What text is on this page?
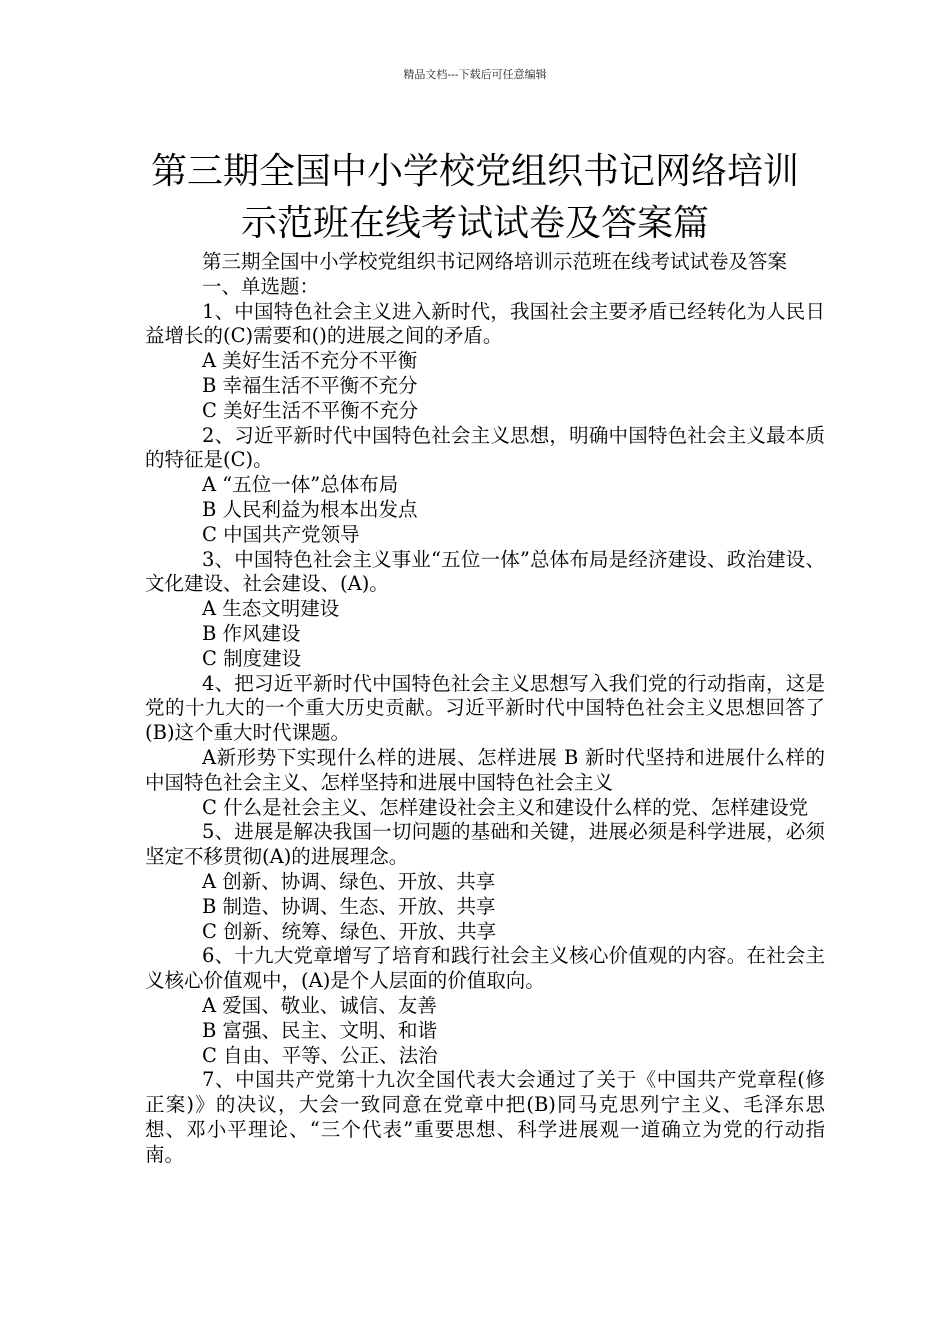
精品文档---下载后可任意编辑
第三期全国中小学校党组织书记网络培训
示范班在线考试试卷及答案篇

第三期全国中小学校党组织书记网络培训示范班在线考试试卷及答案

一、单选题：

1、中国特色社会主义进入新时代，我国社会主要矛盾已经转化为人民日益增长的(C)需要和()的进展之间的矛盾。

A 美好生活不充分不平衡

B 幸福生活不平衡不充分

C 美好生活不平衡不充分

2、习近平新时代中国特色社会主义思想，明确中国特色社会主义最本质的特征是(C)。

A “五位一体”总体布局

B 人民利益为根本出发点

C 中国共产党领导

3、中国特色社会主义事业“五位一体”总体布局是经济建设、政治建设、文化建设、社会建设、(A)。

A 生态文明建设

B 作风建设

C 制度建设

4、把习近平新时代中国特色社会主义思想写入我们党的行动指南，这是党的十九大的一个重大历史贡献。习近平新时代中国特色社会主义思想回答了(B)这个重大时代课题。

A新形势下实现什么样的进展、怎样进展 B 新时代坚持和进展什么样的中国特色社会主义、怎样坚持和进展中国特色社会主义

C 什么是社会主义、怎样建设社会主义和建设什么样的党、怎样建设党

5、进展是解决我国一切问题的基础和关键，进展必须是科学进展，必须坚定不移贯彻(A)的进展理念。

A 创新、协调、绿色、开放、共享

B 制造、协调、生态、开放、共享

C 创新、统筹、绿色、开放、共享

6、十九大党章增写了培育和践行社会主义核心价值观的内容。在社会主义核心价值观中，(A)是个人层面的价值取向。

A 爱国、敬业、诚信、友善

B 富强、民主、文明、和谐

C 自由、平等、公正、法治

7、中国共产党第十九次全国代表大会通过了关于《中国共产党章程(修正案)》的决议，大会一致同意在党章中把(B)同马克思列宁主义、毛泽东思想、邓小平理论、“三个代表”重要思想、科学进展观一道确立为党的行动指南。
